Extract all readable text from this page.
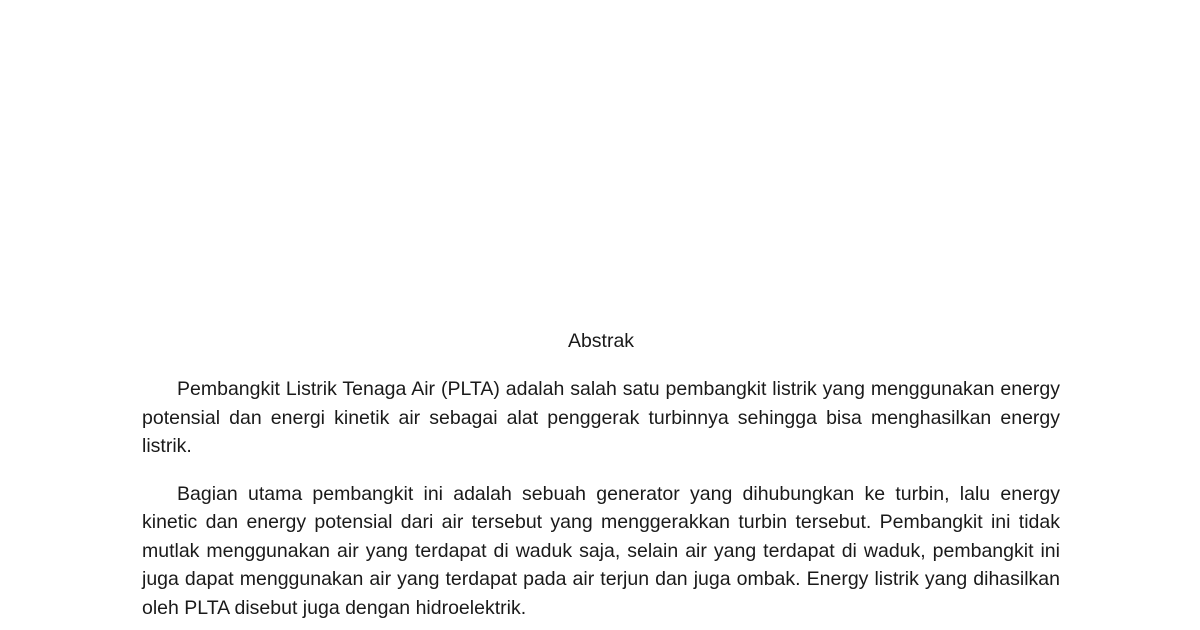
Abstrak

Pembangkit Listrik Tenaga Air (PLTA) adalah salah satu pembangkit listrik yang menggunakan energy potensial dan energi kinetik air sebagai alat penggerak turbinnya sehingga bisa menghasilkan energy listrik.

Bagian utama pembangkit ini adalah sebuah generator yang dihubungkan ke turbin, lalu energy kinetic dan energy potensial dari air tersebut yang menggerakkan turbin tersebut. Pembangkit ini tidak mutlak menggunakan air yang terdapat di waduk saja, selain air yang terdapat di waduk, pembangkit ini juga dapat menggunakan air yang terdapat pada air terjun dan juga ombak. Energy listrik yang dihasilkan oleh PLTA disebut juga dengan hidroelektrik.
